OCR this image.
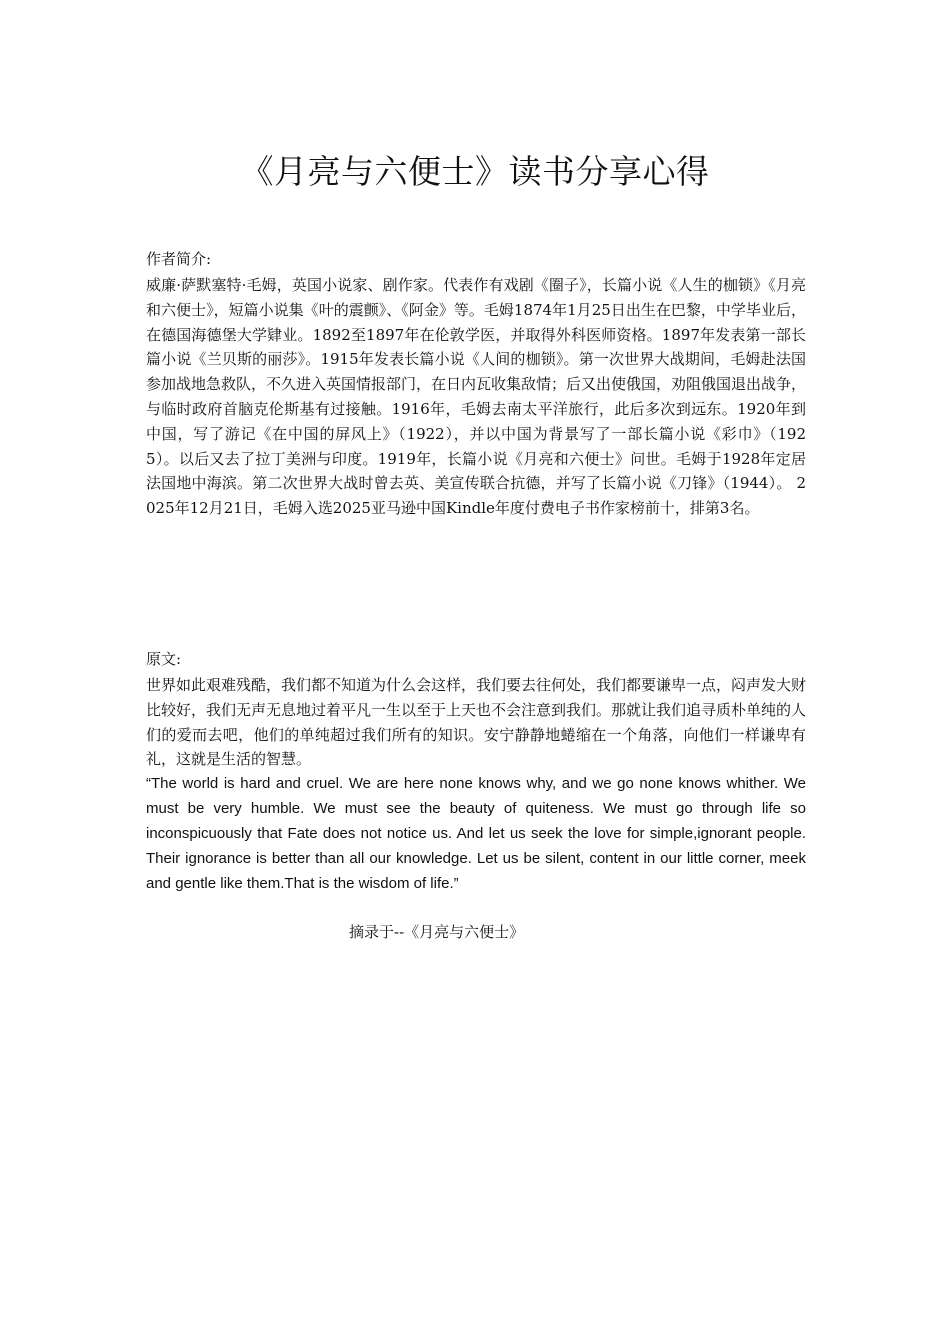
《月亮与六便士》读书分享心得
作者简介:

威廉·萨默塞特·毛姆，英国小说家、剧作家。代表作有戏剧《圈子》，长篇小说《人生的枷锁》《月亮和六便士》，短篇小说集《叶的震颤》、《阿金》等。毛姆1874年1月25日出生在巴黎，中学毕业后，在德国海德堡大学肄业。1892至1897年在伦敦学医，并取得外科医师资格。1897年发表第一部长篇小说《兰贝斯的丽莎》。1915年发表长篇小说《人间的枷锁》。第一次世界大战期间，毛姆赴法国参加战地急救队，不久进入英国情报部门，在日内瓦收集敌情；后又出使俄国，劝阻俄国退出战争，与临时政府首脑克伦斯基有过接触。1916年，毛姆去南太平洋旅行，此后多次到远东。1920年到中国，写了游记《在中国的屏风上》（1922），并以中国为背景写了一部长篇小说《彩巾》（1925）。以后又去了拉丁美洲与印度。1919年，长篇小说《月亮和六便士》问世。毛姆于1928年定居法国地中海滨。第二次世界大战时曾去英、美宣传联合抗德，并写了长篇小说《刀锋》（1944）。 2025年12月21日，毛姆入选2025亚马逊中国Kindle年度付费电子书作家榜前十，排第3名。

原文:

世界如此艰难残酷，我们都不知道为什么会这样，我们要去往何处，我们都要谦卑一点，闷声发大财比较好，我们无声无息地过着平凡一生以至于上天也不会注意到我们。那就让我们追寻质朴单纯的人们的爱而去吧，他们的单纯超过我们所有的知识。安宁静静地蜷缩在一个角落，向他们一样谦卑有礼，这就是生活的智慧。

“The world is hard and cruel. We are here none knows why, and we go none knows whither. We must be very humble. We must see the beauty of quiteness. We must go through life so inconspicuously that Fate does not notice us. And let us seek the love for simple,ignorant people. Their ignorance is better than all our knowledge. Let us be silent, content in our little corner, meek and gentle like them.That is the wisdom of life.”

摘录于--《月亮与六便士》
